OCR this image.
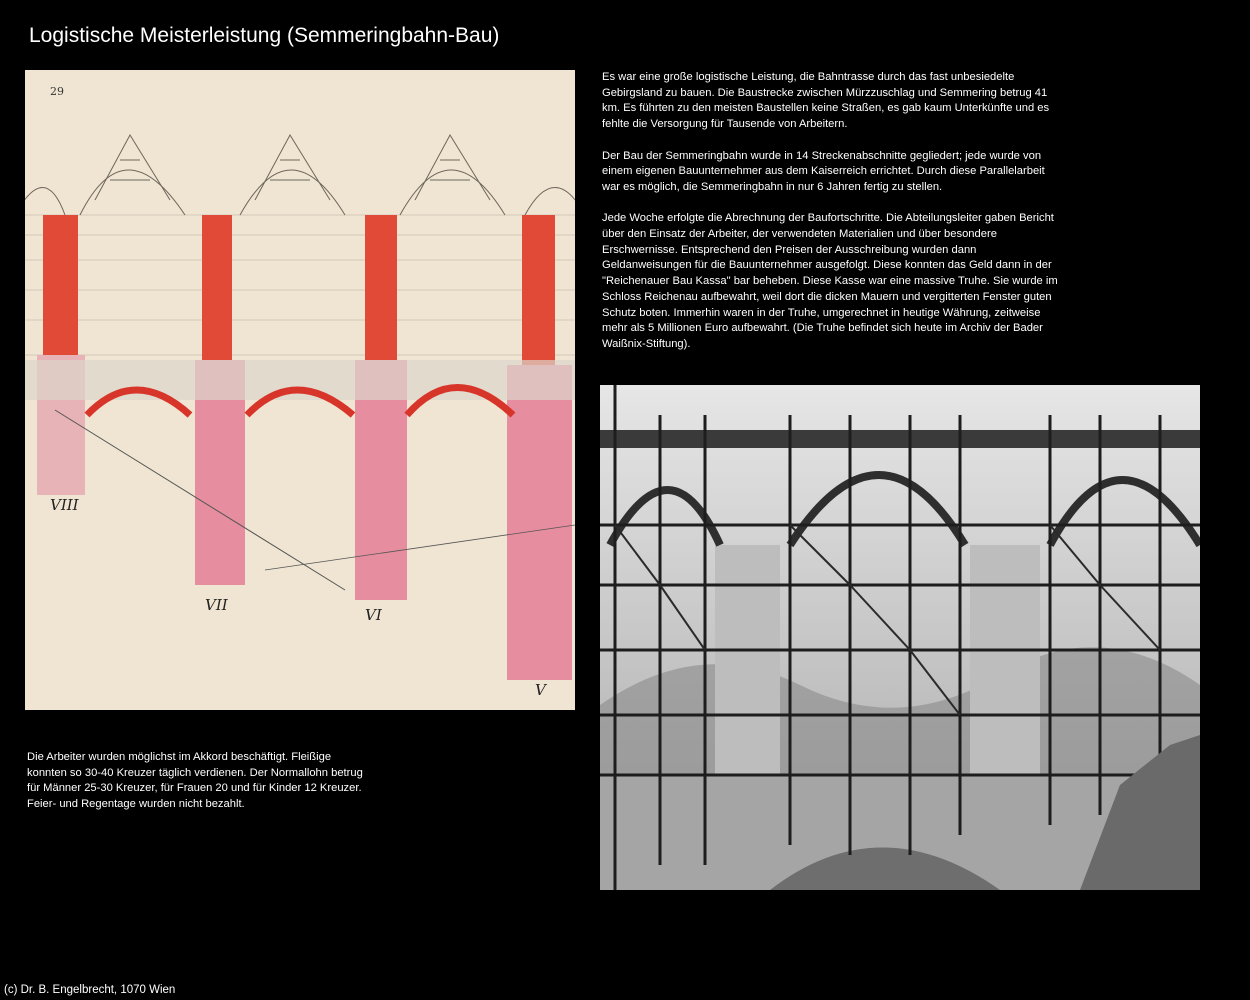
Logistische Meisterleistung (Semmeringbahn-Bau)
29
VIII
VII
VI
V

Es war eine große logistische Leistung, die Bahntrasse durch das fast unbesiedelte Gebirgsland zu bauen. Die Baustrecke zwischen Mürzzuschlag und Semmering betrug 41 km. Es führten zu den meisten Baustellen keine Straßen, es gab kaum Unterkünfte und es fehlte die Versorgung für Tausende von Arbeitern.

Der Bau der Semmeringbahn wurde in 14 Streckenabschnitte gegliedert; jede wurde von einem eigenen Bauunternehmer aus dem Kaiserreich errichtet. Durch diese Parallelarbeit war es möglich, die Semmeringbahn in nur 6 Jahren fertig zu stellen.

Jede Woche erfolgte die Abrechnung der Baufortschritte. Die Abteilungsleiter gaben Bericht über den Einsatz der Arbeiter, der verwendeten Materialien und über besondere Erschwernisse. Entsprechend den Preisen der Ausschreibung wurden dann Geldanweisungen für die Bauunternehmer ausgefolgt. Diese konnten das Geld dann in der "Reichenauer Bau Kassa" bar beheben. Diese Kasse war eine massive Truhe. Sie wurde im Schloss Reichenau aufbewahrt, weil dort die dicken Mauern und vergitterten Fenster guten Schutz boten. Immerhin waren in der Truhe, umgerechnet in heutige Währung, zeitweise mehr als 5 Millionen Euro aufbewahrt. (Die Truhe befindet sich heute im Archiv der Bader Waißnix-Stiftung).

Die Arbeiter wurden möglichst im Akkord beschäftigt. Fleißige konnten so 30-40 Kreuzer täglich verdienen. Der Normallohn betrug für Männer 25-30 Kreuzer, für Frauen 20 und für Kinder 12 Kreuzer. Feier- und Regentage wurden nicht bezahlt.

(c) Dr. B. Engelbrecht, 1070 Wien
